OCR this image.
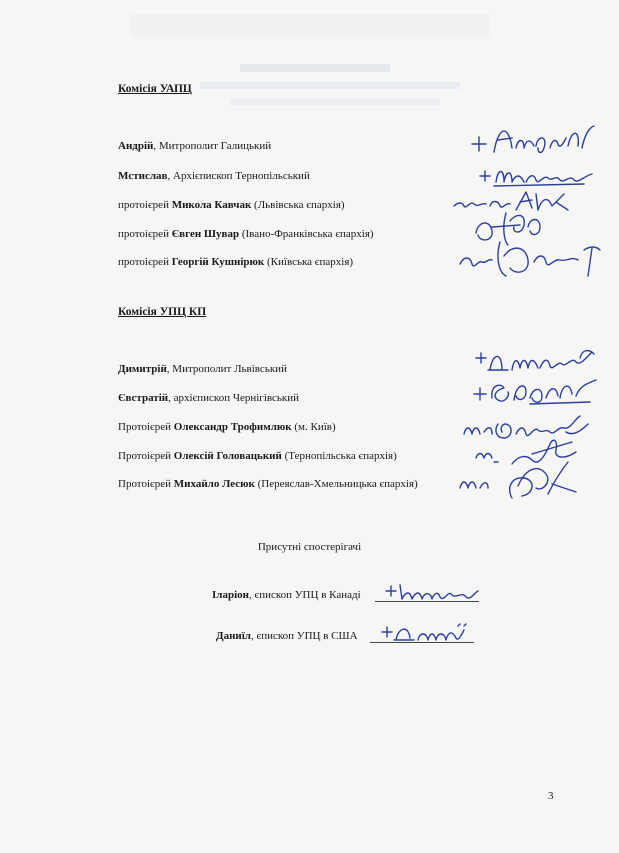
Комісія УАПЦ
Андрій, Митрополит Галицький
Мстислав, Архієпископ Тернопільський
протоієрей Микола Кавчак (Львівська єпархія)
протоієрей Євген Шувар (Івано-Франківська єпархія)
протоієрей Георгій Кушнірюк (Київська єпархія)
Комісія УПЦ КП
Димитрій, Митрополит Львівський
Євстратій, архієпископ Чернігівський
Протоієрей Олександр Трофимлюк (м. Київ)
Протоієрей Олексій Головацький (Тернопільська єпархія)
Протоієрей Михайло Лесюк (Переяслав-Хмельницька єпархія)
Присутні спостерігачі
Іларіон, єпископ УПЦ в Канаді
Даниїл, єпископ УПЦ в США
3
